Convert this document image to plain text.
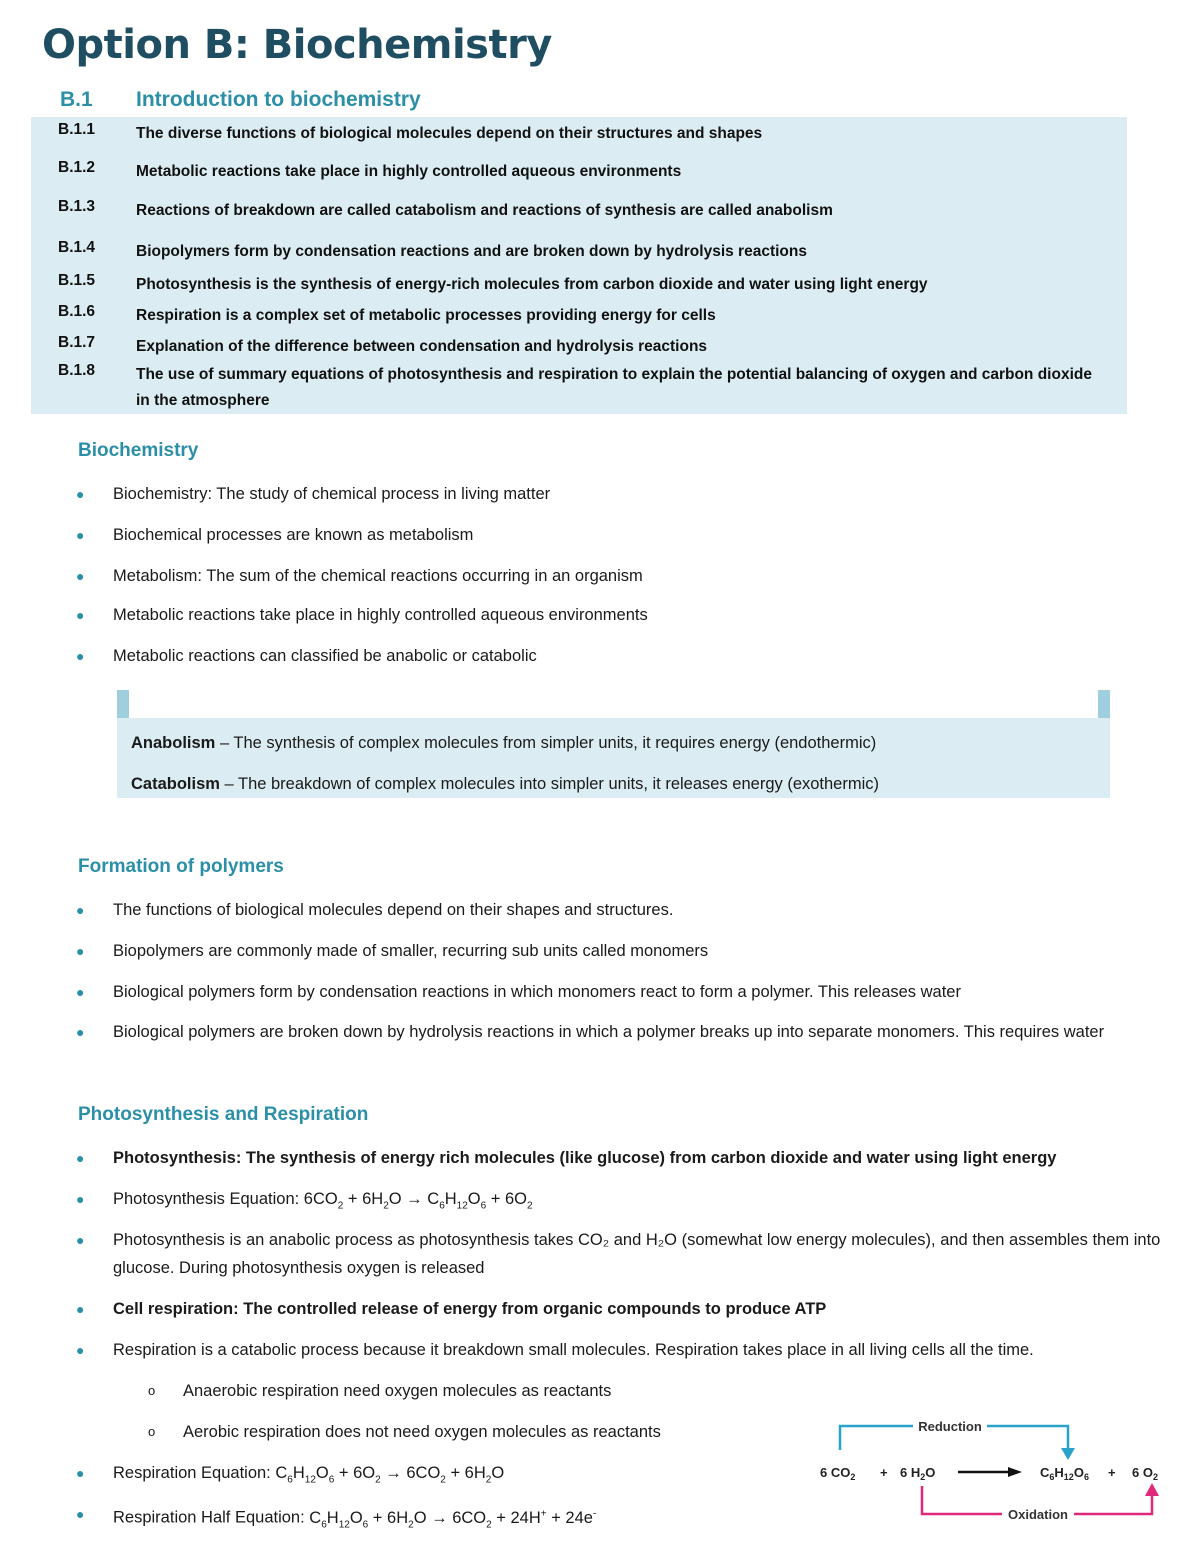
Option B: Biochemistry
B.1	Introduction to biochemistry
B.1.1	The diverse functions of biological molecules depend on their structures and shapes
B.1.2	Metabolic reactions take place in highly controlled aqueous environments
B.1.3	Reactions of breakdown are called catabolism and reactions of synthesis are called anabolism
B.1.4	Biopolymers form by condensation reactions and are broken down by hydrolysis reactions
B.1.5	Photosynthesis is the synthesis of energy-rich molecules from carbon dioxide and water using light energy
B.1.6	Respiration is a complex set of metabolic processes providing energy for cells
B.1.7	Explanation of the difference between condensation and hydrolysis reactions
B.1.8	The use of summary equations of photosynthesis and respiration to explain the potential balancing of oxygen and carbon dioxide in the atmosphere
Biochemistry
●	Biochemistry: The study of chemical process in living matter
●	Biochemical processes are known as metabolism
●	Metabolism: The sum of the chemical reactions occurring in an organism
●	Metabolic reactions take place in highly controlled aqueous environments
●	Metabolic reactions can classified be anabolic or catabolic
Anabolism – The synthesis of complex molecules from simpler units, it requires energy (endothermic)
Catabolism – The breakdown of complex molecules into simpler units, it releases energy (exothermic)
Formation of polymers
●	The functions of biological molecules depend on their shapes and structures.
●	Biopolymers are commonly made of smaller, recurring sub units called monomers
●	Biological polymers form by condensation reactions in which monomers react to form a polymer. This releases water
●	Biological polymers are broken down by hydrolysis reactions in which a polymer breaks up into separate monomers. This requires water
Photosynthesis and Respiration
●	Photosynthesis: The synthesis of energy rich molecules (like glucose) from carbon dioxide and water using light energy
●	Photosynthesis Equation: $6CO_2 + 6H_2O \to C_6H_{12}O_6 + 6O_2$
●	Photosynthesis is an anabolic process as photosynthesis takes CO₂ and H₂O (somewhat low energy molecules), and then assembles them into glucose. During photosynthesis oxygen is released
●	Cell respiration: The controlled release of energy from organic compounds to produce ATP
●	Respiration is a catabolic process because it breakdown small molecules. Respiration takes place in all living cells all the time.
o	Anaerobic respiration need oxygen molecules as reactants
o	Aerobic respiration does not need oxygen molecules as reactants
●	Respiration Equation: $C_6H_{12}O_6 + 6O_2 \to 6CO_2 + 6H_2O$
●	Respiration Half Equation: $C_6H_{12}O_6 + 6H_2O \to 6CO_2 + 24H^+ + 24e^-$
Reduction
6 $CO_2 + 6$ $H_2O$	$C_6H_{12}O_6 + 6$ $O_2$
Oxidation
